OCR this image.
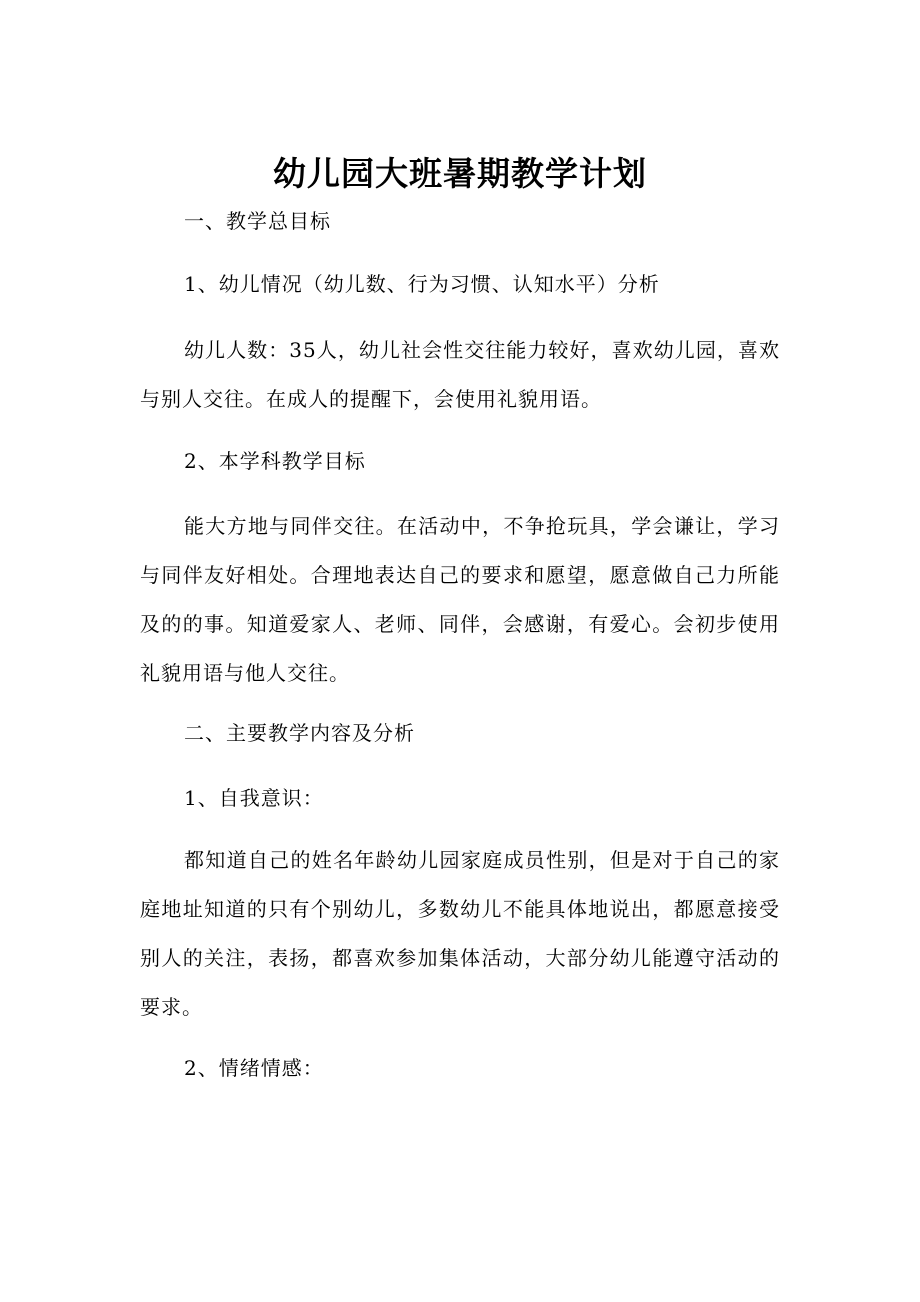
幼儿园大班暑期教学计划
一、教学总目标
1、幼儿情况（幼儿数、行为习惯、认知水平）分析
幼儿人数：35人，幼儿社会性交往能力较好，喜欢幼儿园，喜欢与别人交往。在成人的提醒下，会使用礼貌用语。
2、本学科教学目标
能大方地与同伴交往。在活动中，不争抢玩具，学会谦让，学习与同伴友好相处。合理地表达自己的要求和愿望，愿意做自己力所能及的的事。知道爱家人、老师、同伴，会感谢，有爱心。会初步使用礼貌用语与他人交往。
二、主要教学内容及分析
1、自我意识：
都知道自己的姓名年龄幼儿园家庭成员性别，但是对于自己的家庭地址知道的只有个别幼儿，多数幼儿不能具体地说出，都愿意接受别人的关注，表扬，都喜欢参加集体活动，大部分幼儿能遵守活动的要求。
2、情绪情感：
